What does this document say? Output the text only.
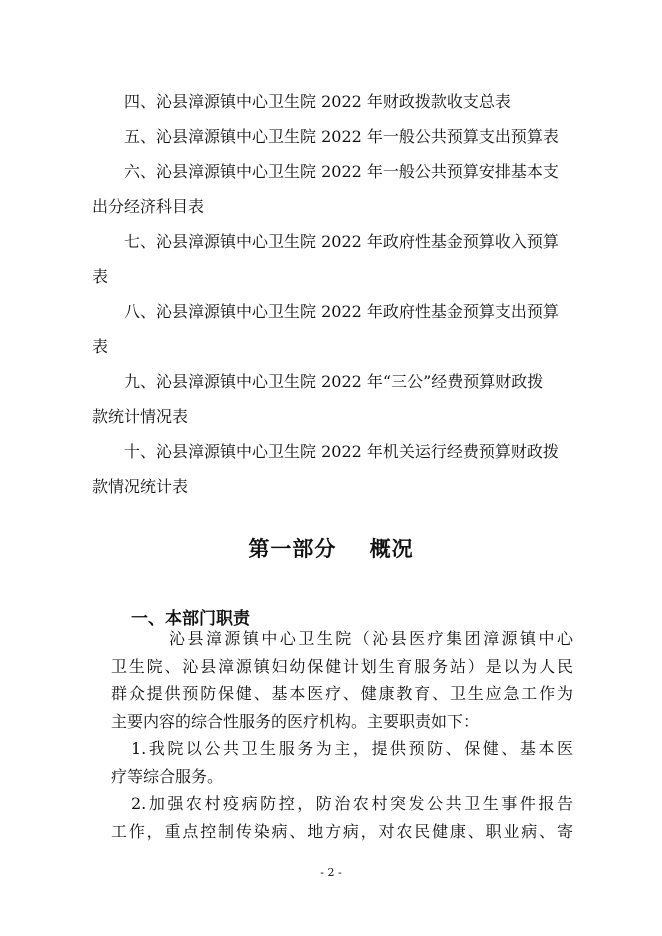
四、沁县漳源镇中心卫生院 2022 年财政拨款收支总表
五、沁县漳源镇中心卫生院 2022 年一般公共预算支出预算表
六、沁县漳源镇中心卫生院 2022 年一般公共预算安排基本支
出分经济科目表
七、沁县漳源镇中心卫生院 2022 年政府性基金预算收入预算
表
八、沁县漳源镇中心卫生院 2022 年政府性基金预算支出预算
表
九、沁县漳源镇中心卫生院 2022 年“三公”经费预算财政拨
款统计情况表
十、沁县漳源镇中心卫生院 2022 年机关运行经费预算财政拨
款情况统计表
第一部分    概况
一、本部门职责
沁县漳源镇中心卫生院（沁县医疗集团漳源镇中心
卫生院、沁县漳源镇妇幼保健计划生育服务站）是以为人民
群众提供预防保健、基本医疗、健康教育、卫生应急工作为
主要内容的综合性服务的医疗机构。主要职责如下：
1.我院以公共卫生服务为主，提供预防、保健、基本医
疗等综合服务。
2.加强农村疫病防控，防治农村突发公共卫生事件报告
工作，重点控制传染病、地方病，对农民健康、职业病、寄
- 2 -
